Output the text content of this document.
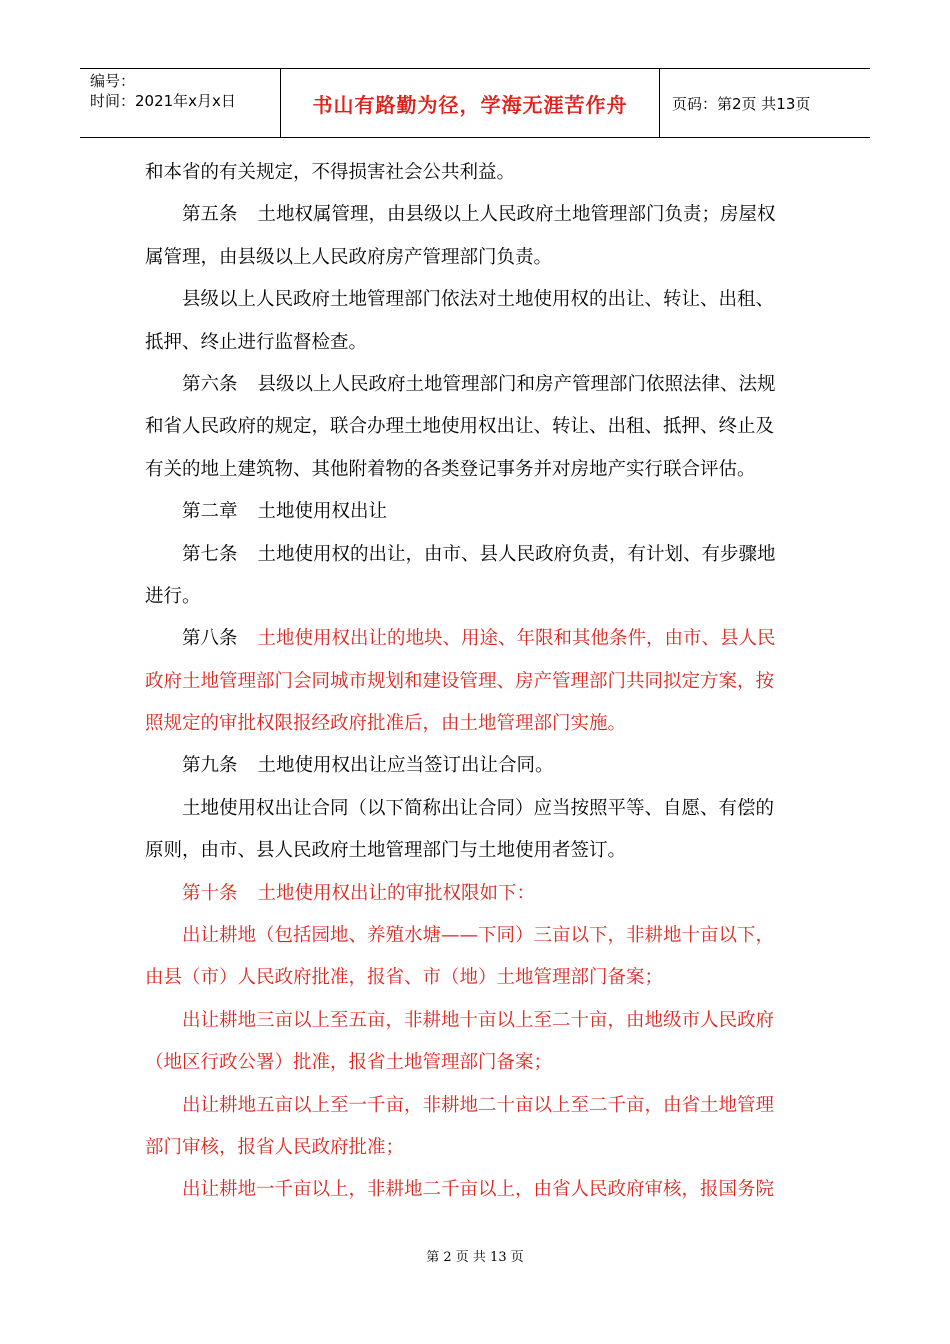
编号：
时间：2021年x月x日	书山有路勤为径，学海无涯苦作舟	页码：第2页 共13页
和本省的有关规定，不得损害社会公共利益。
第五条 土地权属管理，由县级以上人民政府土地管理部门负责；房屋权
属管理，由县级以上人民政府房产管理部门负责。
县级以上人民政府土地管理部门依法对土地使用权的出让、转让、出租、
抵押、终止进行监督检查。
第六条 县级以上人民政府土地管理部门和房产管理部门依照法律、法规
和省人民政府的规定，联合办理土地使用权出让、转让、出租、抵押、终止及
有关的地上建筑物、其他附着物的各类登记事务并对房地产实行联合评估。
第二章 土地使用权出让
第七条 土地使用权的出让，由市、县人民政府负责，有计划、有步骤地
进行。
第八条 土地使用权出让的地块、用途、年限和其他条件，由市、县人民
政府土地管理部门会同城市规划和建设管理、房产管理部门共同拟定方案，按
照规定的审批权限报经政府批准后，由土地管理部门实施。
第九条 土地使用权出让应当签订出让合同。
土地使用权出让合同（以下简称出让合同）应当按照平等、自愿、有偿的
原则，由市、县人民政府土地管理部门与土地使用者签订。
第十条 土地使用权出让的审批权限如下：
出让耕地（包括园地、养殖水塘——下同）三亩以下，非耕地十亩以下，
由县（市）人民政府批准，报省、市（地）土地管理部门备案；
出让耕地三亩以上至五亩，非耕地十亩以上至二十亩，由地级市人民政府
（地区行政公署）批准，报省土地管理部门备案；
出让耕地五亩以上至一千亩，非耕地二十亩以上至二千亩，由省土地管理
部门审核，报省人民政府批准；
出让耕地一千亩以上，非耕地二千亩以上，由省人民政府审核，报国务院
第 2 页 共 13 页
